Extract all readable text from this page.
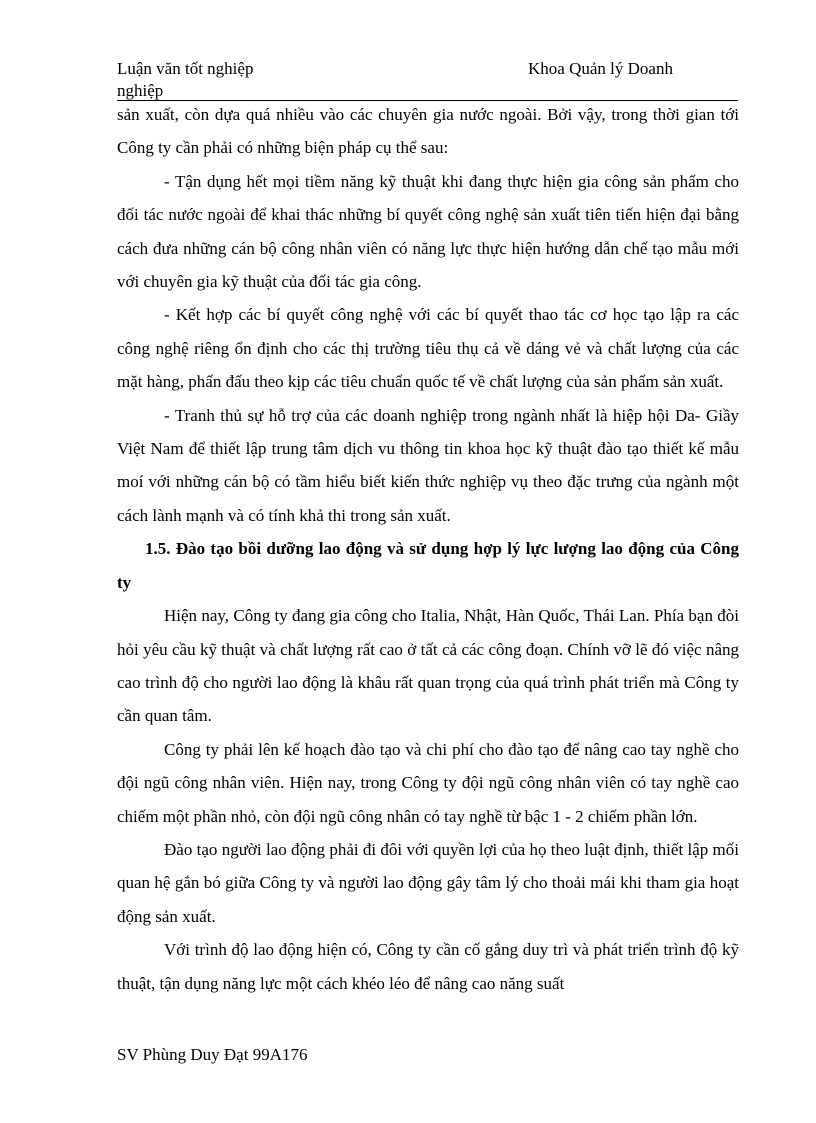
Luận văn tốt nghiệp
nghiệp
Khoa Quản lý Doanh

sản xuất, còn dựa quá nhiều vào các chuyên gia nước ngoài. Bởi vậy, trong thời gian tới Công ty cần phải có những biện pháp cụ thể sau:

- Tận dụng hết mọi tiềm năng kỹ thuật khi đang thực hiện gia công sản phẩm cho đối tác nước ngoài để khai thác những bí quyết công nghệ sản xuất tiên tiến hiện đại bằng cách đưa những cán bộ công nhân viên có năng lực thực hiện hướng dẫn chế tạo mẫu mới với chuyên gia kỹ thuật của đối tác gia công.

- Kết hợp các bí quyết công nghệ với các bí quyết thao tác cơ học tạo lập ra các công nghệ riêng ổn định cho các thị trường tiêu thụ cả về dáng vẻ và chất lượng của các mặt hàng, phấn đấu theo kịp các tiêu chuẩn quốc tế về chất lượng của sản phẩm sản xuất.

- Tranh thủ sự hỗ trợ của các doanh nghiệp trong ngành nhất là hiệp hội Da- Giầy Việt Nam để thiết lập trung tâm dịch vu thông tin khoa học kỹ thuật đào tạo thiết kế mẫu moí với những cán bộ có tầm hiểu biết kiến thức nghiệp vụ theo đặc trưng của ngành một cách lành mạnh và có tính khả thi trong sản xuất.

1.5. Đào tạo bồi dưỡng lao động và sử dụng hợp lý lực lượng lao động của Công ty

Hiện nay, Công ty đang gia công cho Italia, Nhật, Hàn Quốc, Thái Lan. Phía bạn đòi hỏi yêu cầu kỹ thuật và chất lượng rất cao ở tất cả các công đoạn. Chính vỡ lẽ đó việc nâng cao trình độ cho người lao động là khâu rất quan trọng của quá trình phát triển mà Công ty cần quan tâm.

Công ty phải lên kế hoạch đào tạo và chi phí cho đào tạo để nâng cao tay nghề cho đội ngũ công nhân viên. Hiện nay, trong Công ty đội ngũ công nhân viên có tay nghề cao chiếm một phần nhỏ, còn đội ngũ công nhân có tay nghề từ bậc 1 - 2 chiếm phần lớn.

Đào tạo người lao động phải đi đôi với quyền lợi của họ theo luật định, thiết lập mối quan hệ gắn bó giữa Công ty và người lao động gây tâm lý cho thoải mái khi tham gia hoạt động sản xuất.

Với trình độ lao động hiện có, Công ty cần cố gắng duy trì và phát triển trình độ kỹ thuật, tận dụng năng lực một cách khéo léo để nâng cao năng suất

SV Phùng Duy Đạt 99A176
